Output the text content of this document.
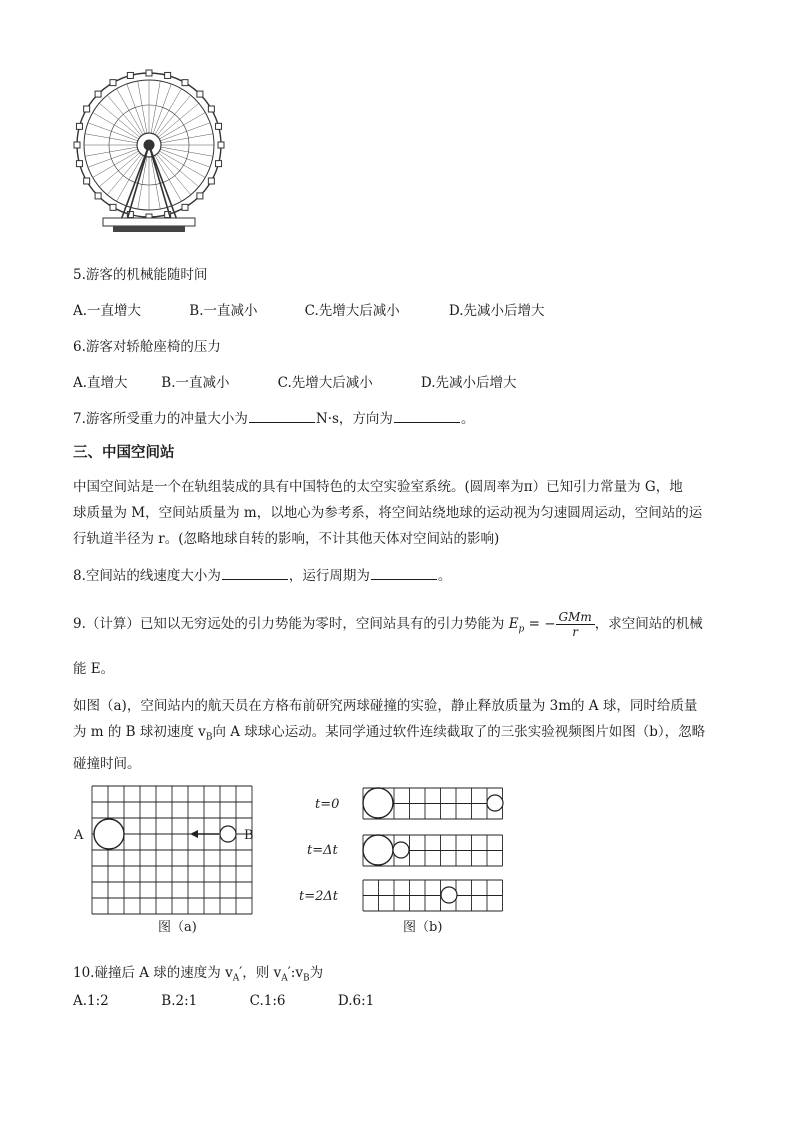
5.游客的机械能随时间
A.一直增大	B.一直减小	C.先增大后减小	D.先减小后增大
6.游客对轿舱座椅的压力
A.直增大	B.一直减小	C.先增大后减小	D.先减小后增大
7.游客所受重力的冲量大小为	N·s，方向为	。
三、中国空间站
中国空间站是一个在轨组装成的具有中国特色的太空实验室系统。(圆周率为π）已知引力常量为 G，地
球质量为 M，空间站质量为 m，以地心为参考系，将空间站绕地球的运动视为匀速圆周运动，空间站的运
行轨道半径为 r。(忽略地球自转的影响，不计其他天体对空间站的影响)
8.空间站的线速度大小为	，运行周期为	。
9.（计算）已知以无穷远处的引力势能为零时，空间站具有的引力势能为 $E_p$ = − $\frac{\text{GMm}}{r}$ ，求空间站的机械
能 E。
如图（a)，空间站内的航天员在方格布前研究两球碰撞的实验，静止释放质量为 3m的 A 球，同时给质量
为 m 的 B 球初速度 $v_B$向 A 球球心运动。某同学通过软件连续截取了的三张实验视频图片如图（b），忽略
碰撞时间。
A	B
图（a)
t=0
t=Δt
t=2Δt
图（b)
10.碰撞后 A 球的速度为 $v_A'$，则 $v_A':v_B$为
A.1:2	B.2:1	C.1:6	D.6:1
